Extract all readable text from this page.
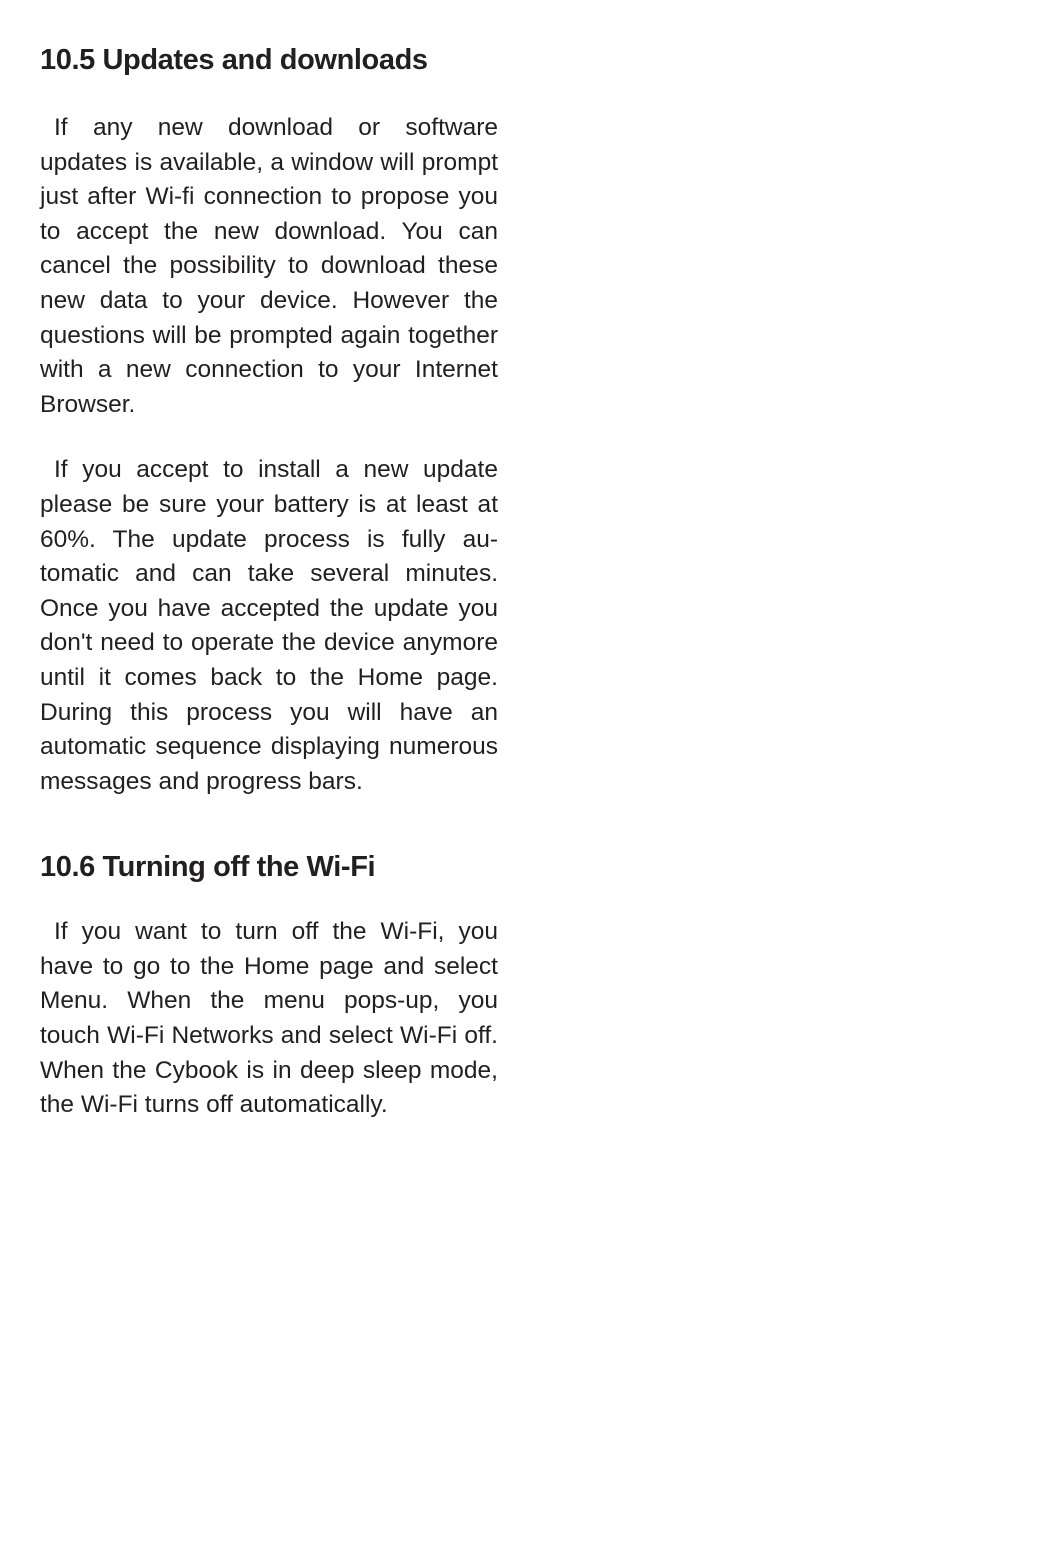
10.5 Updates and downloads

If any new download or software updates is available, a window will prompt just after Wi-fi connection to propose you to accept the new download. You can cancel the possibility to download these new data to your device. However the questions will be prompted again together with a new connection to your Internet Browser.

If you accept to install a new update please be sure your battery is at least at 60%. The update process is fully automatic and can take several minutes. Once you have accepted the update you don't need to operate the device anymore until it comes back to the Home page. During this process you will have an automatic sequence displaying numerous messages and progress bars.

10.6 Turning off the Wi-Fi

If you want to turn off the Wi-Fi, you have to go to the Home page and select Menu. When the menu pops-up, you touch Wi-Fi Networks and select Wi-Fi off. When the Cybook is in deep sleep mode, the Wi-Fi turns off automatically.
